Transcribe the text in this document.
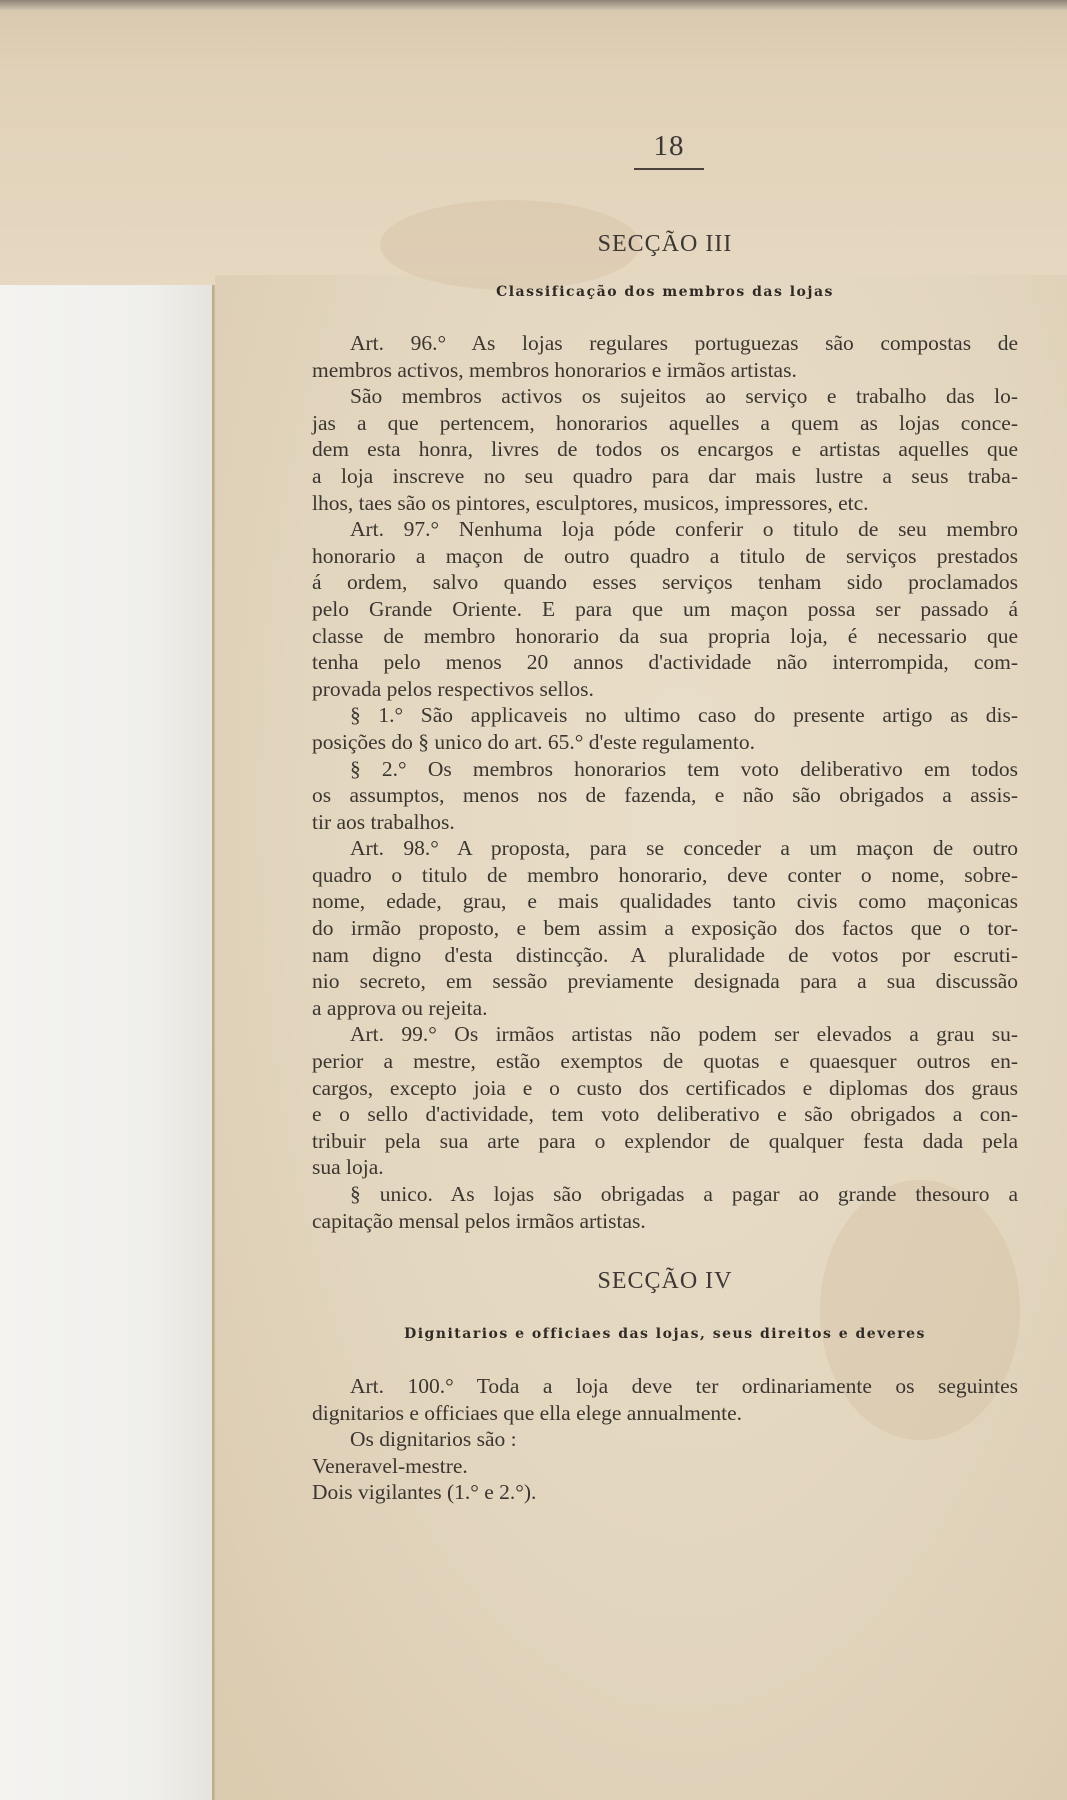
18
SECÇÃO III
Classificação dos membros das lojas
Art. 96.° As lojas regulares portuguezas são compostas de
membros activos, membros honorarios e irmãos artistas.
São membros activos os sujeitos ao serviço e trabalho das lo-
jas a que pertencem, honorarios aquelles a quem as lojas conce-
dem esta honra, livres de todos os encargos e artistas aquelles que
a loja inscreve no seu quadro para dar mais lustre a seus traba-
lhos, taes são os pintores, esculptores, musicos, impressores, etc.
Art. 97.° Nenhuma loja póde conferir o titulo de seu membro
honorario a maçon de outro quadro a titulo de serviços prestados
á ordem, salvo quando esses serviços tenham sido proclamados
pelo Grande Oriente. E para que um maçon possa ser passado á
classe de membro honorario da sua propria loja, é necessario que
tenha pelo menos 20 annos d'actividade não interrompida, com-
provada pelos respectivos sellos.
§ 1.° São applicaveis no ultimo caso do presente artigo as dis-
posições do § unico do art. 65.° d'este regulamento.
§ 2.° Os membros honorarios tem voto deliberativo em todos
os assumptos, menos nos de fazenda, e não são obrigados a assis-
tir aos trabalhos.
Art. 98.° A proposta, para se conceder a um maçon de outro
quadro o titulo de membro honorario, deve conter o nome, sobre-
nome, edade, grau, e mais qualidades tanto civis como maçonicas
do irmão proposto, e bem assim a exposição dos factos que o tor-
nam digno d'esta distincção. A pluralidade de votos por escruti-
nio secreto, em sessão previamente designada para a sua discussão
a approva ou rejeita.
Art. 99.° Os irmãos artistas não podem ser elevados a grau su-
perior a mestre, estão exemptos de quotas e quaesquer outros en-
cargos, excepto joia e o custo dos certificados e diplomas dos graus
e o sello d'actividade, tem voto deliberativo e são obrigados a con-
tribuir pela sua arte para o explendor de qualquer festa dada pela
sua loja.
§ unico. As lojas são obrigadas a pagar ao grande thesouro a
capitação mensal pelos irmãos artistas.
SECÇÃO IV
Dignitarios e officiaes das lojas, seus direitos e deveres
Art. 100.° Toda a loja deve ter ordinariamente os seguintes
dignitarios e officiaes que ella elege annualmente.
Os dignitarios são :
Veneravel-mestre.
Dois vigilantes (1.° e 2.°).
